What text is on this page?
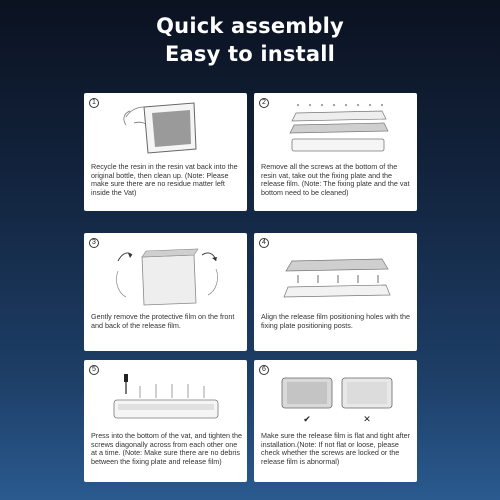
Quick assembly
Easy to install
1
Recycle the resin in the resin vat back into the original bottle, then clean up. (Note: Please make sure there are no residue matter left inside the Vat)
2
Remove all the screws at the bottom of the resin vat, take out the fixing plate and the release film. (Note: The fixing plate and the vat bottom need to be cleaned)
3
Gently remove the protective film on the front and back of the release film.
4
Align the release film positioning holes with the fixing plate positioning posts.
5
Press into the bottom of the vat, and tighten the screws diagonally across from each other one at a time. (Note: Make sure there are no debris between the fixing plate and release film)
6
✔	✕
Make sure the release film is flat and tight after installation.(Note: If not flat or loose, please check whether the screws are locked or the release film is abnormal)
